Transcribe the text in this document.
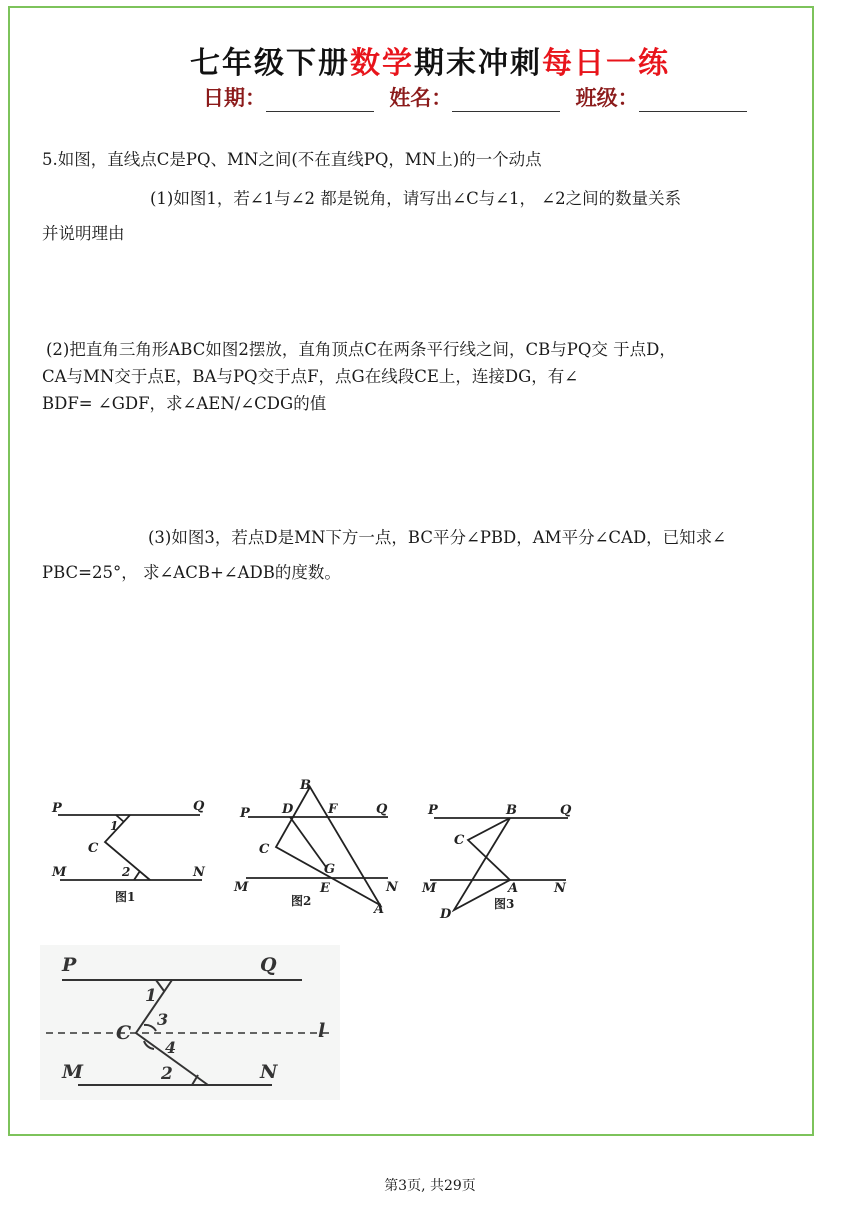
七年级下册数学期末冲刺每日一练
日期：	姓名：	班级：
5.如图，直线点C是PQ、MN之间(不在直线PQ，MN上)的一个动点
(1)如图1，若∠1与∠2 都是锐角，请写出∠C与∠1， ∠2之间的数量关系
并说明理由
(2)把直角三角形ABC如图2摆放，直角顶点C在两条平行线之间，CB与PQ交 于点D，
CA与MN交于点E，BA与PQ交于点F，点G在线段CE上，连接DG，有∠
BDF= ∠GDF，求∠AEN/∠CDG的值
(3)如图3，若点D是MN下方一点，BC平分∠PBD，AM平分∠CAD，已知求∠
PBC=25°， 求∠ACB+∠ADB的度数。
P	Q
M	N
C
1
2
图1
P	Q
B
D	F
C
G
E
A
M	N
图2
P	B	Q
C
M	A	N
D
图3
P	Q
C	l
M	N
1
3
4
2
第3页, 共29页
